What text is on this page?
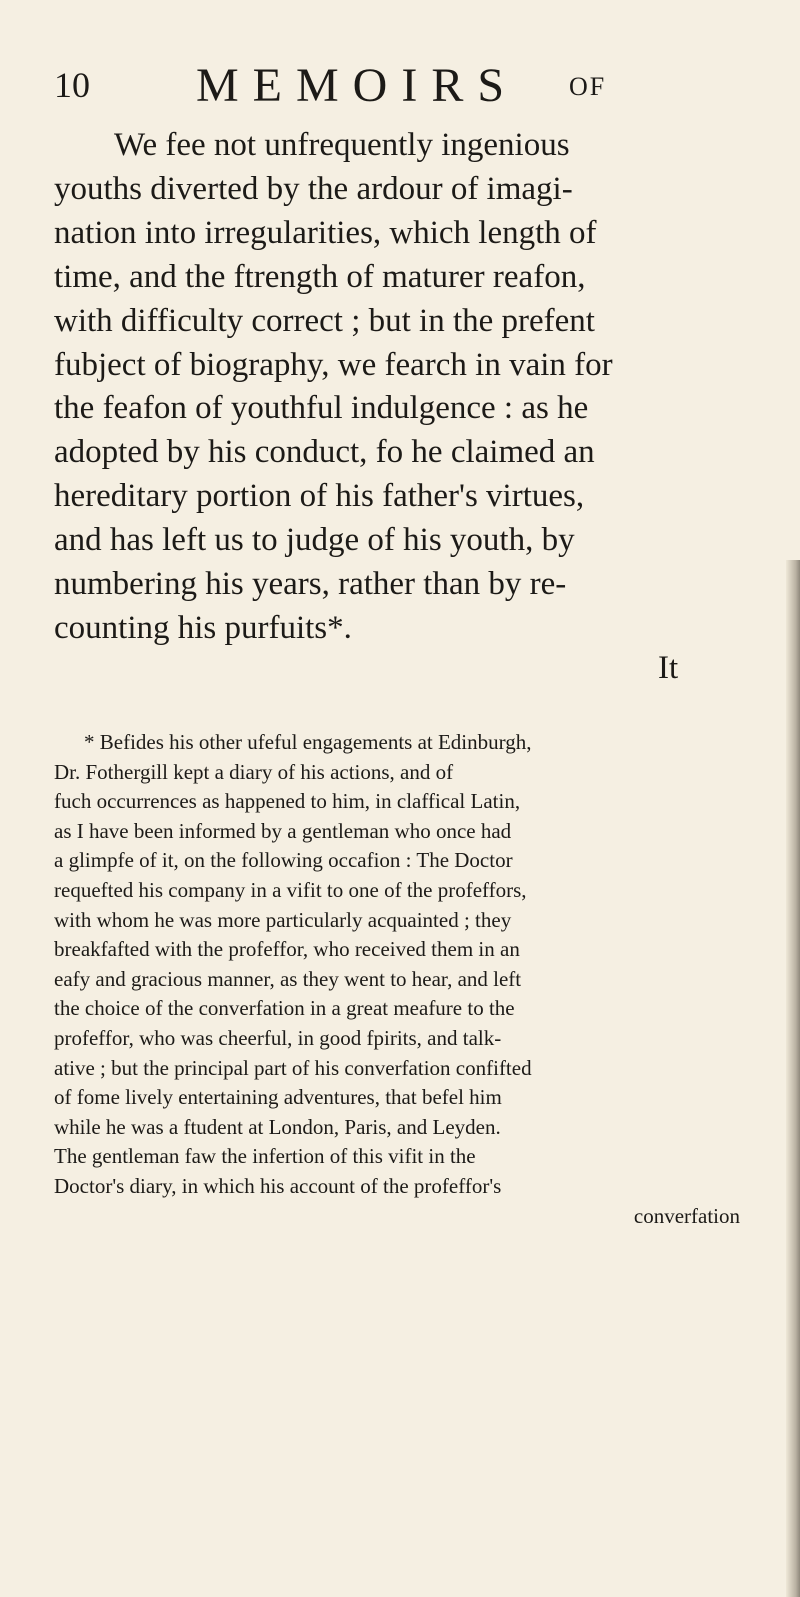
10 MEMOIRS OF
We fee not unfrequently ingenious
youths diverted by the ardour of imagi-
nation into irregularities, which length of
time, and the ftrength of maturer reafon,
with difficulty correct ; but in the prefent
fubject of biography, we fearch in vain for
the feafon of youthful indulgence : as he
adopted by his conduct, fo he claimed an
hereditary portion of his father's virtues,
and has left us to judge of his youth, by
numbering his years, rather than by re-
counting his purfuits*.
It
* Befides his other ufeful engagements at Edinburgh,
Dr. Fothergill kept a diary of his actions, and of
fuch occurrences as happened to him, in claffical Latin,
as I have been informed by a gentleman who once had
a glimpfe of it, on the following occafion : The Doctor
requefted his company in a vifit to one of the profeffors,
with whom he was more particularly acquainted ; they
breakfafted with the profeffor, who received them in an
eafy and gracious manner, as they went to hear, and left
the choice of the converfation in a great meafure to the
profeffor, who was cheerful, in good fpirits, and talk-
ative ; but the principal part of his converfation confifted
of fome lively entertaining adventures, that befel him
while he was a ftudent at London, Paris, and Leyden.
The gentleman faw the infertion of this vifit in the
Doctor's diary, in which his account of the profeffor's
converfation
